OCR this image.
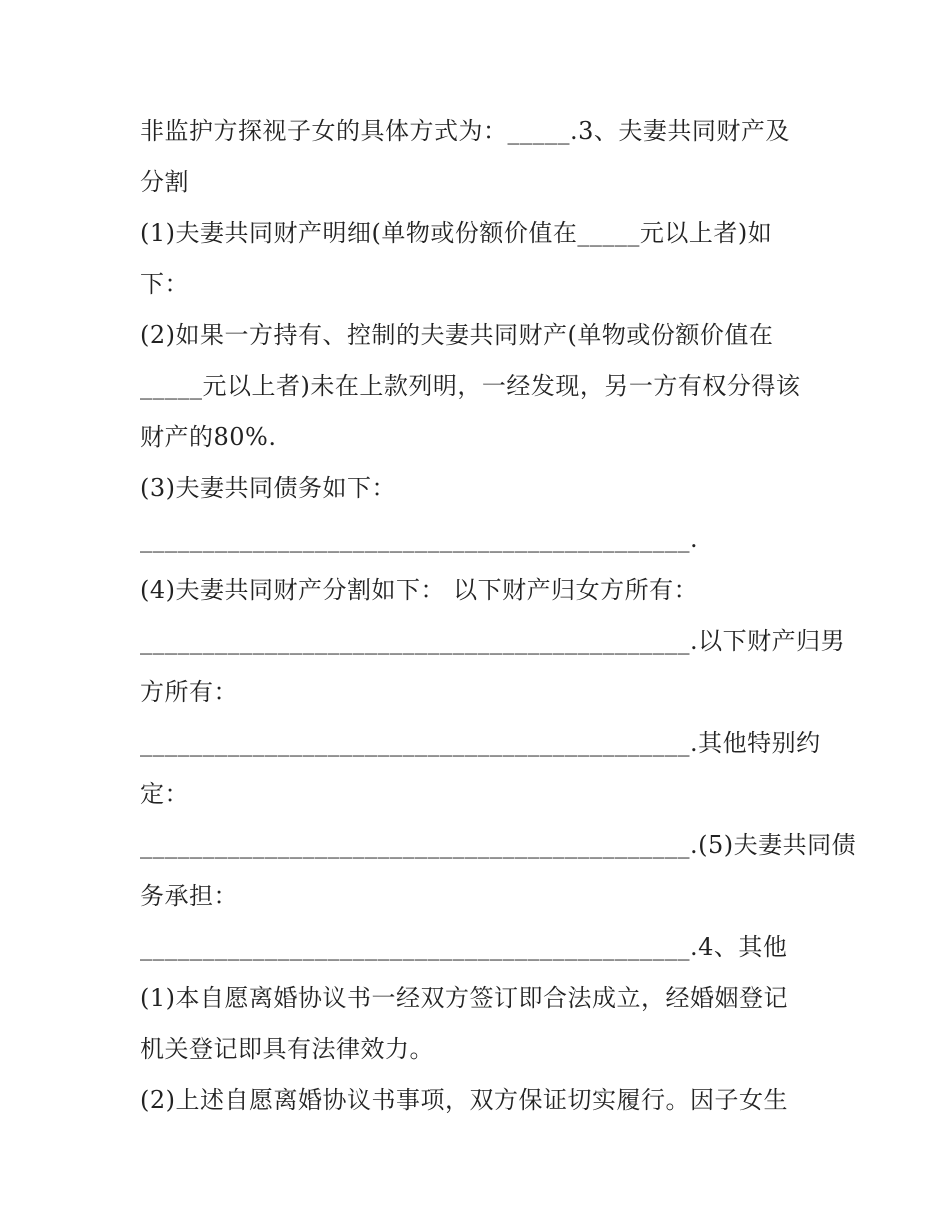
非监护方探视子女的具体方式为：_____.3、夫妻共同财产及
分割
(1)夫妻共同财产明细(单物或份额价值在_____元以上者)如
下：
(2)如果一方持有、控制的夫妻共同财产(单物或份额价值在
_____元以上者)未在上款列明，一经发现，另一方有权分得该
财产的80%.
(3)夫妻共同债务如下：
____________________________________________.
(4)夫妻共同财产分割如下： 以下财产归女方所有：
____________________________________________.以下财产归男
方所有：
____________________________________________.其他特别约
定：
____________________________________________.(5)夫妻共同债
务承担：
____________________________________________.4、其他
(1)本自愿离婚协议书一经双方签订即合法成立，经婚姻登记
机关登记即具有法律效力。
(2)上述自愿离婚协议书事项，双方保证切实履行。因子女生
